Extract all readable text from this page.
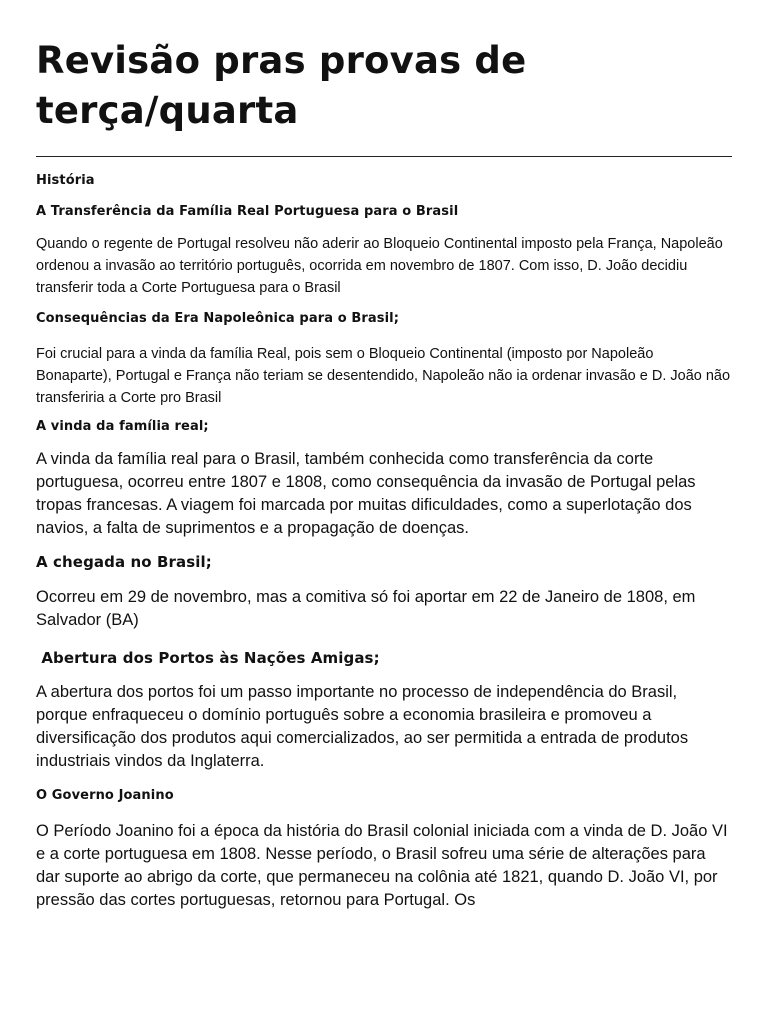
Revisão pras provas de
terça/quarta
História
A Transferência da Família Real Portuguesa para o Brasil

Quando o regente de Portugal resolveu não aderir ao Bloqueio Continental imposto pela França, Napoleão ordenou a invasão ao território português, ocorrida em novembro de 1807. Com isso, D. João decidiu transferir toda a Corte Portuguesa para o Brasil

Consequências da Era Napoleônica para o Brasil;

Foi crucial para a vinda da família Real, pois sem o Bloqueio Continental (imposto por Napoleão Bonaparte), Portugal e França não teriam se desentendido, Napoleão não ia ordenar invasão e D. João não transferiria a Corte pro Brasil

A vinda da família real;

A vinda da família real para o Brasil, também conhecida como transferência da corte portuguesa, ocorreu entre 1807 e 1808, como consequência da invasão de Portugal pelas tropas francesas. A viagem foi marcada por muitas dificuldades, como a superlotação dos navios, a falta de suprimentos e a propagação de doenças.

A chegada no Brasil;

Ocorreu em 29 de novembro, mas a comitiva só foi aportar em 22 de Janeiro de 1808, em Salvador (BA)

Abertura dos Portos às Nações Amigas;

A abertura dos portos foi um passo importante no processo de independência do Brasil, porque enfraqueceu o domínio português sobre a economia brasileira e promoveu a diversificação dos produtos aqui comercializados, ao ser permitida a entrada de produtos industriais vindos da Inglaterra.

O Governo Joanino

O Período Joanino foi a época da história do Brasil colonial iniciada com a vinda de D. João VI e a corte portuguesa em 1808. Nesse período, o Brasil sofreu uma série de alterações para dar suporte ao abrigo da corte, que permaneceu na colônia até 1821, quando D. João VI, por pressão das cortes portuguesas, retornou para Portugal. Os
